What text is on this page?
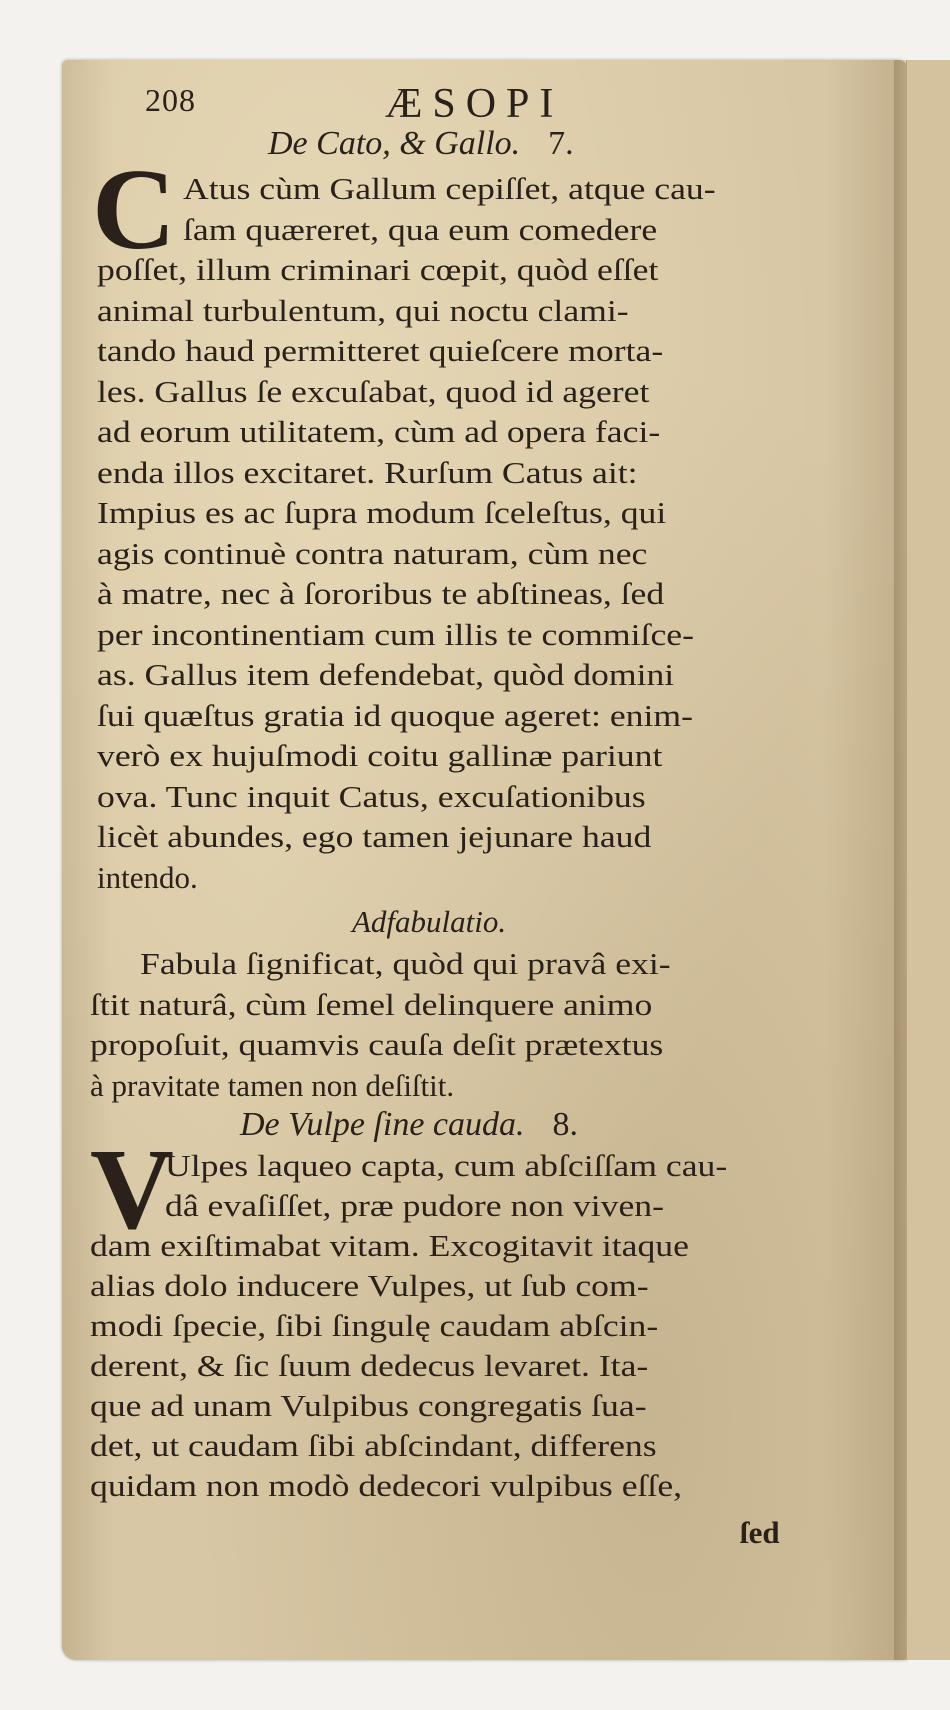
208	ÆSOPI
De Cato, & Gallo. 7.
C Atus cùm Gallum cepiſſet, atque cau-
ſam quæreret, qua eum comedere
poſſet, illum criminari cœpit, quòd eſſet
animal turbulentum, qui noctu clami-
tando haud permitteret quieſcere morta-
les. Gallus ſe excuſabat, quod id ageret
ad eorum utilitatem, cùm ad opera faci-
enda illos excitaret. Rurſum Catus ait:
Impius es ac ſupra modum ſceleſtus, qui
agis continuè contra naturam, cùm nec
à matre, nec à ſororibus te abſtineas, ſed
per incontinentiam cum illis te commiſce-
as. Gallus item defendebat, quòd domini
ſui quæſtus gratia id quoque ageret: enim-
verò ex hujuſmodi coitu gallinæ pariunt
ova. Tunc inquit Catus, excuſationibus
licèt abundes, ego tamen jejunare haud
intendo.
Adfabulatio.
Fabula ſignificat, quòd qui pravâ exi-
ſtit naturâ, cùm ſemel delinquere animo
propoſuit, quamvis cauſa deſit prætextus
à pravitate tamen non deſiſtit.
De Vulpe ſine cauda. 8.
V
Ulpes laqueo capta, cum abſciſſam cau-
dâ evaſiſſet, præ pudore non viven-
dam exiſtimabat vitam. Excogitavit itaque
alias dolo inducere Vulpes, ut ſub com-
modi ſpecie, ſibi ſingulę caudam abſcin-
derent, & ſic ſuum dedecus levaret. Ita-
que ad unam Vulpibus congregatis ſua-
det, ut caudam ſibi abſcindant, differens
quidam non modò dedecori vulpibus eſſe,
ſed
